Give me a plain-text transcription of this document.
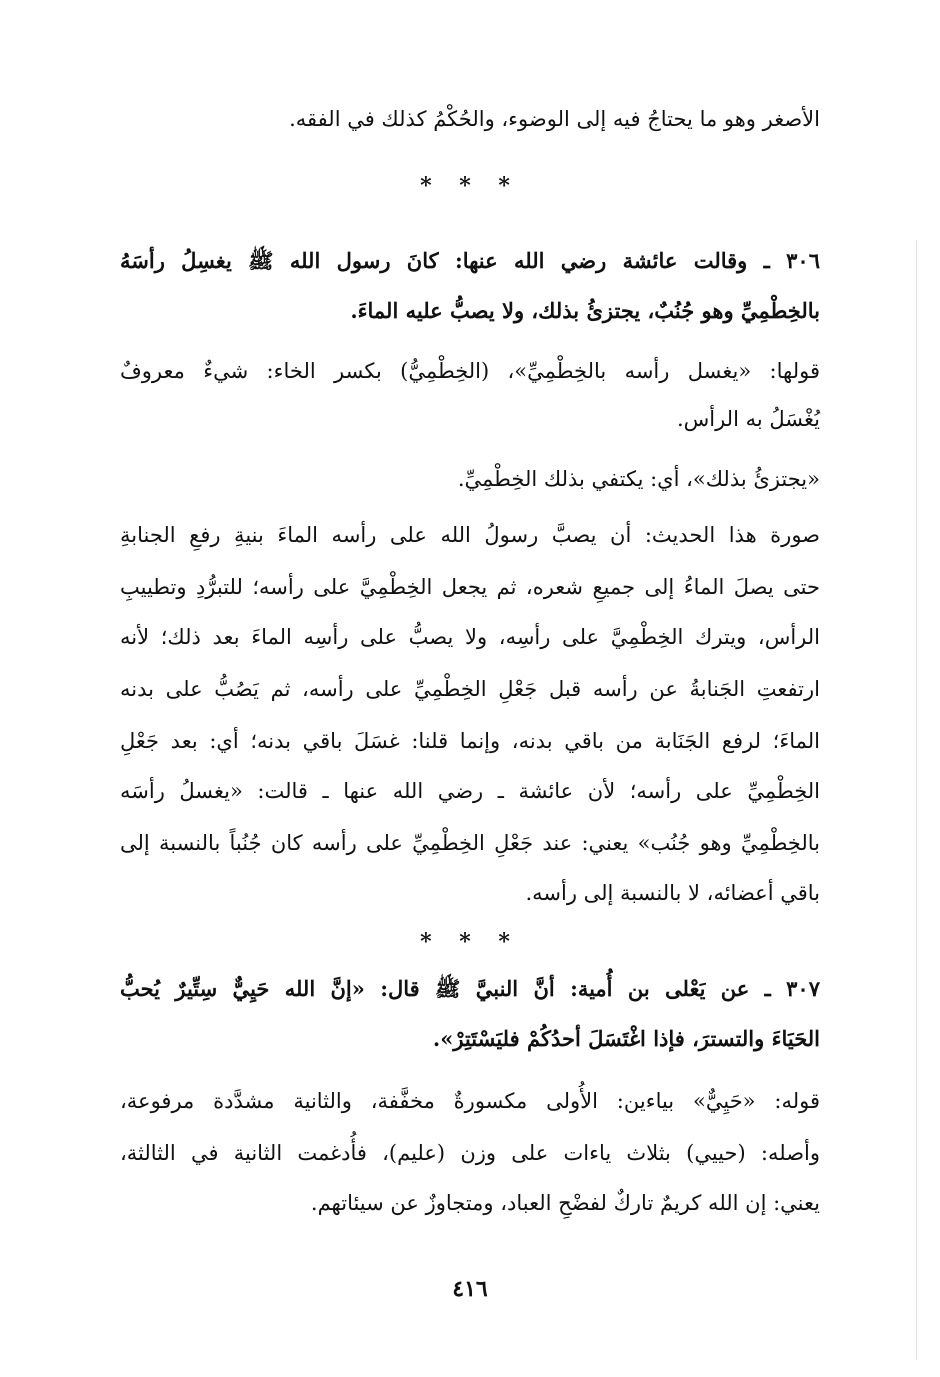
الأصغر وهو ما يحتاجُ فيه إلى الوضوء، والحُكْمُ كذلك في الفقه.
* * *
٣٠٦ ـ وقالت عائشة رضي الله عنها: كانَ رسول الله ﷺ يغسِلُ رأسَهُ
بالخِطْمِيِّ وهو جُنُبٌ، يجتزئُ بذلك، ولا يصبُّ عليه الماءَ.
قولها: «يغسل رأسه بالخِطْمِيِّ»، (الخِطْمِيُّ) بكسر الخاء: شيءٌ معروفٌ
يُغْسَلُ به الرأس.
«يجتزئُ بذلك»، أي: يكتفي بذلك الخِطْمِيِّ.
صورة هذا الحديث: أن يصبَّ رسولُ الله على رأسه الماءَ بنيةِ رفعِ الجنابةِ
حتى يصلَ الماءُ إلى جميعِ شعره، ثم يجعل الخِطْمِيَّ على رأسه؛ للتبرُّدِ وتطييبِ
الرأس، ويترك الخِطْمِيَّ على رأسِه، ولا يصبُّ على رأسِه الماءَ بعد ذلك؛ لأنه
ارتفعتِ الجَنابةُ عن رأسه قبل جَعْلِ الخِطْمِيِّ على رأسه، ثم يَصُبُّ على بدنه
الماءَ؛ لرفع الجَنَابة من باقي بدنه، وإنما قلنا: غسَلَ باقي بدنه؛ أي: بعد جَعْلِ
الخِطْمِيِّ على رأسه؛ لأن عائشة ـ رضي الله عنها ـ قالت: «يغسلُ رأسَه
بالخِطْمِيِّ وهو جُنُب» يعني: عند جَعْلِ الخِطْمِيِّ على رأسه كان جُنُباً بالنسبة إلى
باقي أعضائه، لا بالنسبة إلى رأسه.
* * *
٣٠٧ ـ عن يَعْلى بن أُمية: أنَّ النبيَّ ﷺ قال: «إنَّ الله حَيِيٌّ سِتِّيرٌ يُحبُّ
الحَيَاءَ والتسترَ، فإذا اغْتَسَلَ أحدُكُمْ فليَسْتَتِرْ».
قوله: «حَيِيٌّ» بياءين: الأُولى مكسورةٌ مخفَّفة، والثانية مشدَّدة مرفوعة،
وأصله: (حييي) بثلاث ياءات على وزن (عليم)، فأُدغمت الثانية في الثالثة،
يعني: إن الله كريمٌ تاركٌ لفضْحِ العباد، ومتجاوزٌ عن سيئاتهم.
٤١٦
